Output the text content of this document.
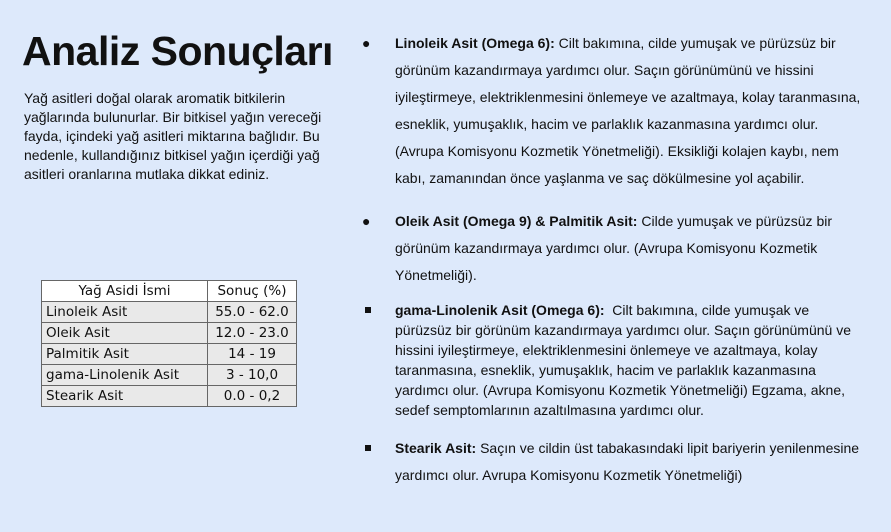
Analiz Sonuçları

Yağ asitleri doğal olarak aromatik bitkilerin yağlarında bulunurlar. Bir bitkisel yağın vereceği fayda, içindeki yağ asitleri miktarına bağlıdır. Bu nedenle, kullandığınız bitkisel yağın içerdiği yağ asitleri oranlarına mutlaka dikkat ediniz.

Yağ Asidi İsmi	Sonuç (%)
Linoleik Asit	55.0 - 62.0
Oleik Asit	12.0 - 23.0
Palmitik Asit	14 - 19
gama-Linolenik Asit	3 - 10,0
Stearik Asit	0.0 - 0,2
● Linoleik Asit (Omega 6): Cilt bakımına, cilde yumuşak ve pürüzsüz bir görünüm kazandırmaya yardımcı olur. Saçın görünümünü ve hissini iyileştirmeye, elektriklenmesini önlemeye ve azaltmaya, kolay taranmasına, esneklik, yumuşaklık, hacim ve parlaklık kazanmasına yardımcı olur. (Avrupa Komisyonu Kozmetik Yönetmeliği). Eksikliği kolajen kaybı, nem kabı, zamanından önce yaşlanma ve saç dökülmesine yol açabilir.
● Oleik Asit (Omega 9) & Palmitik Asit: Cilde yumuşak ve pürüzsüz bir görünüm kazandırmaya yardımcı olur. (Avrupa Komisyonu Kozmetik Yönetmeliği).
gama-Linolenik Asit (Omega 6):  Cilt bakımına, cilde yumuşak ve pürüzsüz bir görünüm kazandırmaya yardımcı olur. Saçın görünümünü ve hissini iyileştirmeye, elektriklenmesini önlemeye ve azaltmaya, kolay taranmasına, esneklik, yumuşaklık, hacim ve parlaklık kazanmasına yardımcı olur. (Avrupa Komisyonu Kozmetik Yönetmeliği) Egzama, akne, sedef semptomlarının azaltılmasına yardımcı olur.
Stearik Asit: Saçın ve cildin üst tabakasındaki lipit bariyerin yenilenmesine yardımcı olur. Avrupa Komisyonu Kozmetik Yönetmeliği)
